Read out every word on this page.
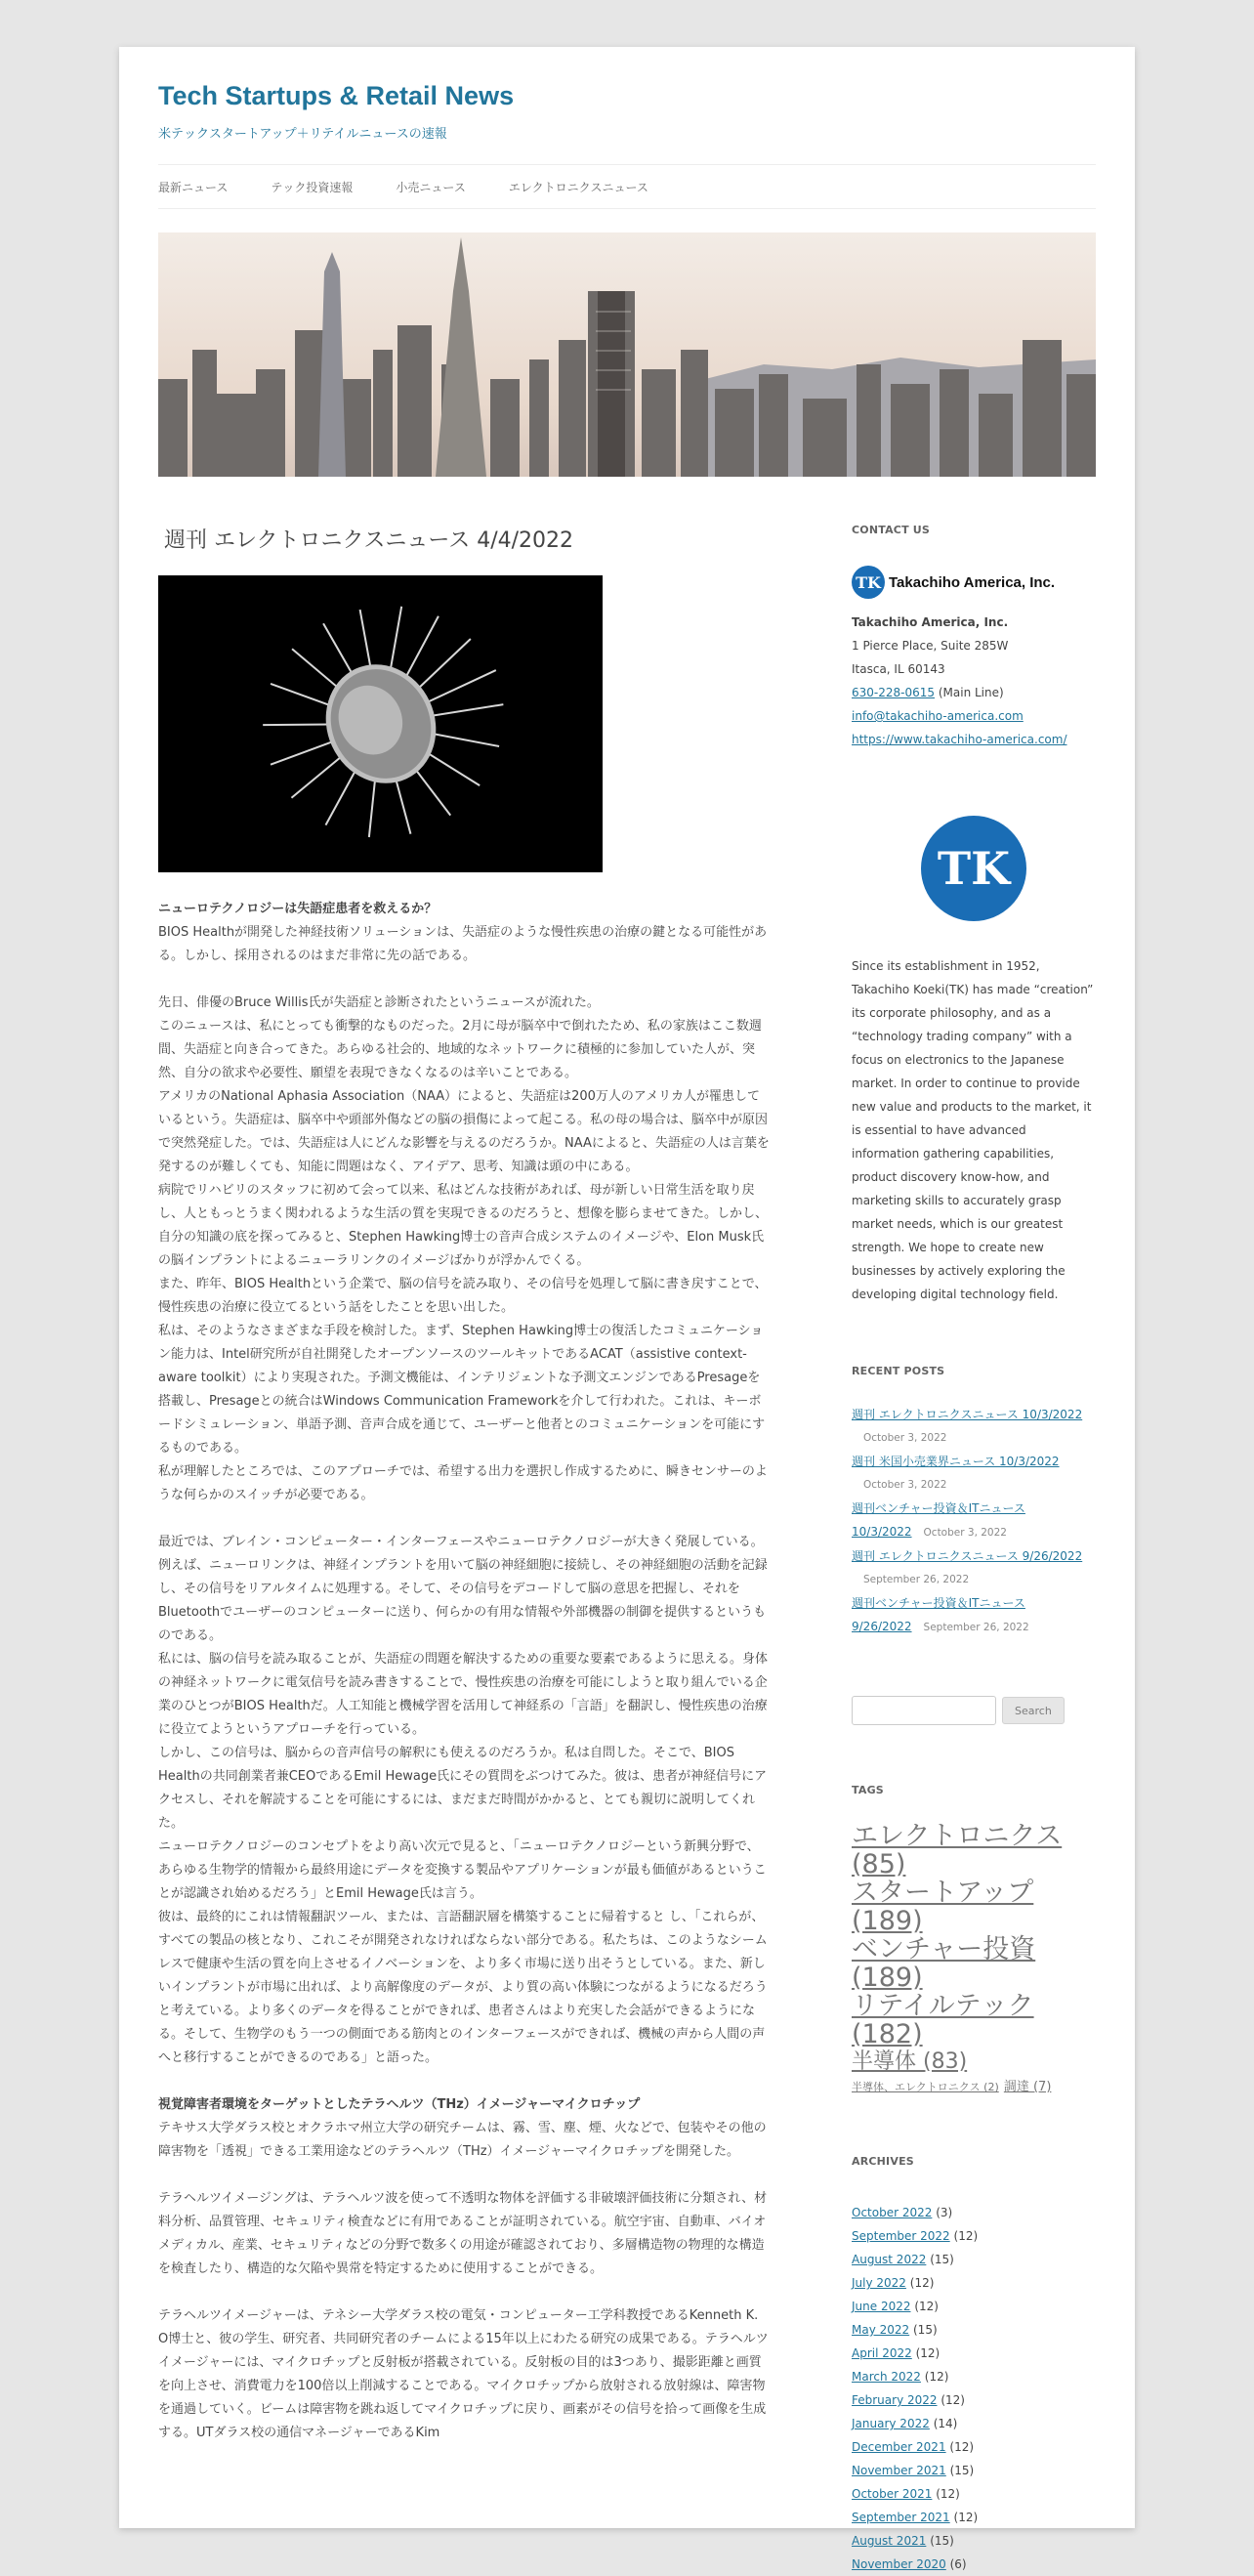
Tech Startups & Retail News
米テックスタートアップ＋リテイルニュースの速報
最新ニュース	テック投資速報	小売ニュース	エレクトロニクスニュース
週刊 エレクトロニクスニュース 4/4/2022

ニューロテクノロジーは失語症患者を救えるか？

BIOS Healthが開発した神経技術ソリューションは、失語症のような慢性疾患の治療の鍵となる可能性がある。しかし、採用されるのはまだ非常に先の話である。

先日、俳優のBruce Willis氏が失語症と診断されたというニュースが流れた。

このニュースは、私にとっても衝撃的なものだった。2月に母が脳卒中で倒れたため、私の家族はここ数週間、失語症と向き合ってきた。あらゆる社会的、地域的なネットワークに積極的に参加していた人が、突然、自分の欲求や必要性、願望を表現できなくなるのは辛いことである。

アメリカのNational Aphasia Association（NAA）によると、失語症は200万人のアメリカ人が罹患しているという。失語症は、脳卒中や頭部外傷などの脳の損傷によって起こる。私の母の場合は、脳卒中が原因で突然発症した。では、失語症は人にどんな影響を与えるのだろうか。NAAによると、失語症の人は言葉を発するのが難しくても、知能に問題はなく、アイデア、思考、知識は頭の中にある。

病院でリハビリのスタッフに初めて会って以来、私はどんな技術があれば、母が新しい日常生活を取り戻し、人ともっとうまく関われるような生活の質を実現できるのだろうと、想像を膨らませてきた。しかし、自分の知識の底を探ってみると、Stephen Hawking博士の音声合成システムのイメージや、Elon Musk氏の脳インプラントによるニューラリンクのイメージばかりが浮かんでくる。

また、昨年、BIOS Healthという企業で、脳の信号を読み取り、その信号を処理して脳に書き戻すことで、慢性疾患の治療に役立てるという話をしたことを思い出した。

私は、そのようなさまざまな手段を検討した。まず、Stephen Hawking博士の復活したコミュニケーション能力は、Intel研究所が自社開発したオープンソースのツールキットであるACAT（assistive context-aware toolkit）により実現された。予測文機能は、インテリジェントな予測文エンジンであるPresageを搭載し、Presageとの統合はWindows Communication Frameworkを介して行われた。これは、キーボードシミュレーション、単語予測、音声合成を通じて、ユーザーと他者とのコミュニケーションを可能にするものである。

私が理解したところでは、このアプローチでは、希望する出力を選択し作成するために、瞬きセンサーのような何らかのスイッチが必要である。

最近では、ブレイン・コンピューター・インターフェースやニューロテクノロジーが大きく発展している。例えば、ニューロリンクは、神経インプラントを用いて脳の神経細胞に接続し、その神経細胞の活動を記録し、その信号をリアルタイムに処理する。そして、その信号をデコードして脳の意思を把握し、それをBluetoothでユーザーのコンピューターに送り、何らかの有用な情報や外部機器の制御を提供するというものである。

私には、脳の信号を読み取ることが、失語症の問題を解決するための重要な要素であるように思える。身体の神経ネットワークに電気信号を読み書きすることで、慢性疾患の治療を可能にしようと取り組んでいる企業のひとつがBIOS Healthだ。人工知能と機械学習を活用して神経系の「言語」を翻訳し、慢性疾患の治療に役立てようというアプローチを行っている。

しかし、この信号は、脳からの音声信号の解釈にも使えるのだろうか。私は自問した。そこで、BIOS Healthの共同創業者兼CEOであるEmil Hewage氏にその質問をぶつけてみた。彼は、患者が神経信号にアクセスし、それを解読することを可能にするには、まだまだ時間がかかると、とても親切に説明してくれた。

ニューロテクノロジーのコンセプトをより高い次元で見ると、「ニューロテクノロジーという新興分野で、あらゆる生物学的情報から最終用途にデータを変換する製品やアプリケーションが最も価値があるということが認識され始めるだろう」とEmil Hewage氏は言う。

彼は、最終的にこれは情報翻訳ツール、または、言語翻訳層を構築することに帰着すると し、「これらが、すべての製品の核となり、これこそが開発されなければならない部分である。私たちは、このようなシームレスで健康や生活の質を向上させるイノベーションを、より多く市場に送り出そうとしている。また、新しいインプラントが市場に出れば、より高解像度のデータが、より質の高い体験につながるようになるだろうと考えている。より多くのデータを得ることができれば、患者さんはより充実した会話ができるようになる。そして、生物学のもう一つの側面である筋肉とのインターフェースができれば、機械の声から人間の声へと移行することができるのである」と語った。

視覚障害者環境をターゲットとしたテラヘルツ（THz）イメージャーマイクロチップ

テキサス大学ダラス校とオクラホマ州立大学の研究チームは、霧、雪、塵、煙、火などで、包装やその他の障害物を「透視」できる工業用途などのテラヘルツ（THz）イメージャーマイクロチップを開発した。

テラヘルツイメージングは、テラヘルツ波を使って不透明な物体を評価する非破壊評価技術に分類され、材料分析、品質管理、セキュリティ検査などに有用であることが証明されている。航空宇宙、自動車、バイオメディカル、産業、セキュリティなどの分野で数多くの用途が確認されており、多層構造物の物理的な構造を検査したり、構造的な欠陥や異常を特定するために使用することができる。

テラヘルツイメージャーは、テネシー大学ダラス校の電気・コンピューター工学科教授であるKenneth K. O博士と、彼の学生、研究者、共同研究者のチームによる15年以上にわたる研究の成果である。テラヘルツイメージャーには、マイクロチップと反射板が搭載されている。反射板の目的は3つあり、撮影距離と画質を向上させ、消費電力を100倍以上削減することである。マイクロチップから放射される放射線は、障害物を通過していく。ビームは障害物を跳ね返してマイクロチップに戻り、画素がその信号を拾って画像を生成する。UTダラス校の通信マネージャーであるKim

CONTACT US
TK Takachiho America, Inc.
Takachiho America, Inc.
1 Pierce Place, Suite 285W
Itasca, IL 60143
630-228-0615 (Main Line)
info@takachiho-america.com
https://www.takachiho-america.com/
TK
Since its establishment in 1952, Takachiho Koeki(TK) has made “creation” its corporate philosophy, and as a “technology trading company” with a focus on electronics to the Japanese market. In order to continue to provide new value and products to the market, it is essential to have advanced information gathering capabilities, product discovery know-how, and marketing skills to accurately grasp market needs, which is our greatest strength. We hope to create new businesses by actively exploring the developing digital technology field.
RECENT POSTS
週刊 エレクトロニクスニュース 10/3/2022
October 3, 2022
週刊 米国小売業界ニュース 10/3/2022
October 3, 2022
週刊ベンチャー投資＆ITニュース 10/3/2022 October 3, 2022
週刊 エレクトロニクスニュース 9/26/2022
September 26, 2022
週刊ベンチャー投資＆ITニュース 9/26/2022 September 26, 2022
Search
TAGS
エレクトロニクス (85)
スタートアップ (189)
ベンチャー投資 (189)
リテイルテック (182)
半導体 (83)
半導体、エレクトロニクス (2) 調達 (7)
ARCHIVES
October 2022 (3)
September 2022 (12)
August 2022 (15)
July 2022 (12)
June 2022 (12)
May 2022 (15)
April 2022 (12)
March 2022 (12)
February 2022 (12)
January 2022 (14)
December 2021 (12)
November 2021 (15)
October 2021 (12)
September 2021 (12)
August 2021 (15)
November 2020 (6)
